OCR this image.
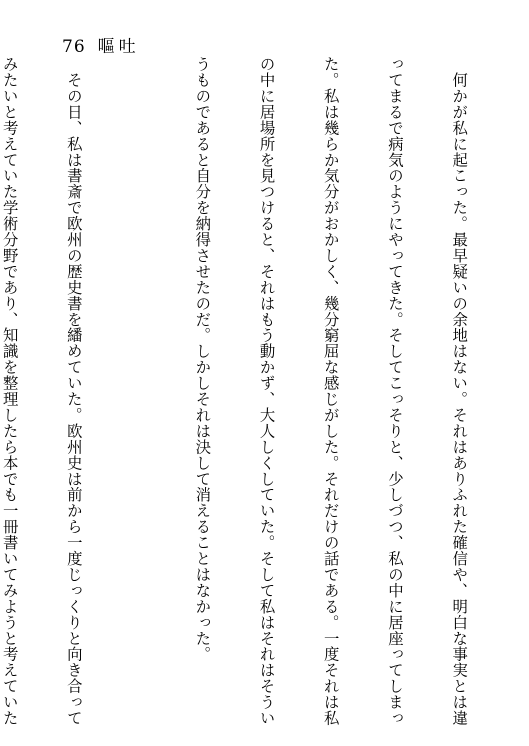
76 嘔吐

　何かが私に起こった。最早疑いの余地はない。それはありふれた確信や、明白な事実とは違

ってまるで病気のようにやってきた。そしてこっそりと、少しづつ、私の中に居座ってしまっ

た。私は幾らか気分がおかしく、幾分窮屈な感じがした。それだけの話である。一度それは私

の中に居場所を見つけると、それはもう動かず、大人しくしていた。そして私はそれはそうい

うものであると自分を納得させたのだ。しかしそれは決して消えることはなかった。

　その日、私は書斎で欧州の歴史書を繙めていた。欧州史は前から一度じっくりと向き合って

みたいと考えていた学術分野であり、知識を整理したら本でも一冊書いてみようと考えていた
